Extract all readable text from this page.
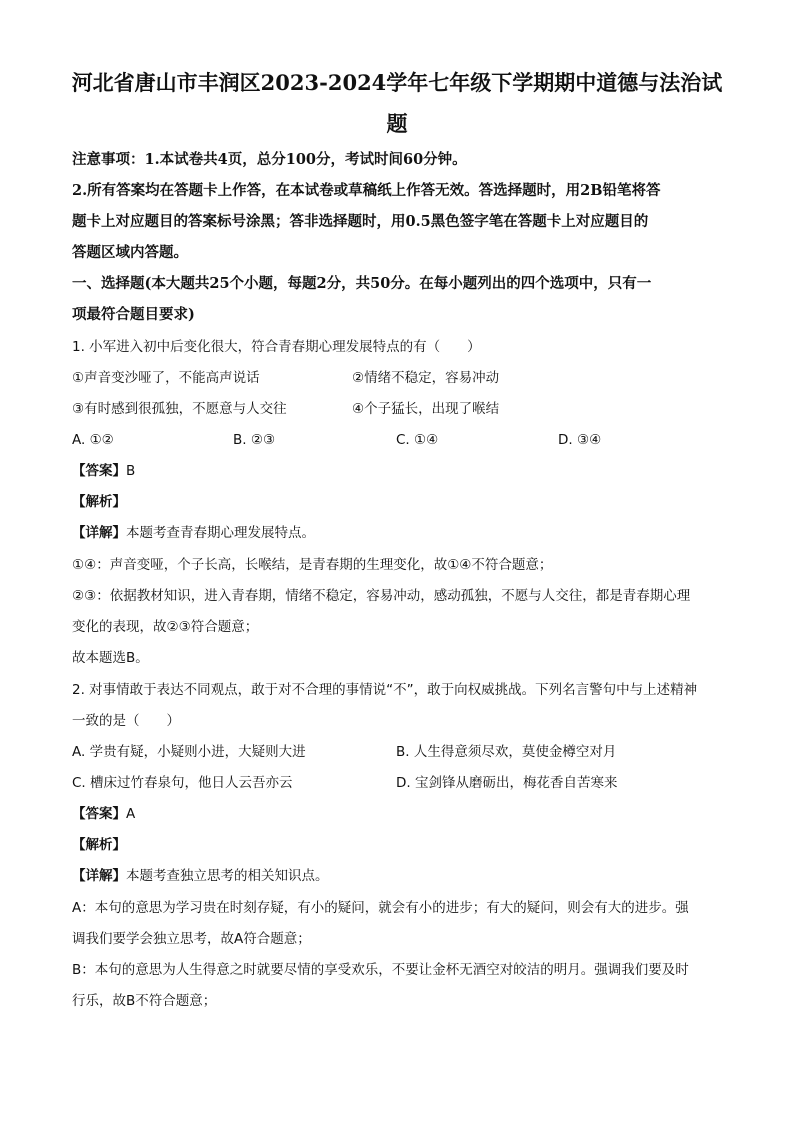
河北省唐山市丰润区2023-2024学年七年级下学期期中道德与法治试
题
注意事项：1.本试卷共4页，总分100分，考试时间60分钟。
2.所有答案均在答题卡上作答，在本试卷或草稿纸上作答无效。答选择题时，用2B铅笔将答
题卡上对应题目的答案标号涂黑；答非选择题时，用0.5黑色签字笔在答题卡上对应题目的
答题区域内答题。
一、选择题(本大题共25个小题，每题2分，共50分。在每小题列出的四个选项中，只有一
项最符合题目要求)
1. 小军进入初中后变化很大，符合青春期心理发展特点的有（　　）
①声音变沙哑了，不能高声说话	②情绪不稳定，容易冲动
③有时感到很孤独，不愿意与人交往	④个子猛长，出现了喉结
A. ①②	B. ②③	C. ①④	D. ③④
【答案】B
【解析】
【详解】本题考查青春期心理发展特点。
①④：声音变哑，个子长高，长喉结，是青春期的生理变化，故①④不符合题意；
②③：依据教材知识，进入青春期，情绪不稳定，容易冲动，感动孤独，不愿与人交往，都是青春期心理
变化的表现，故②③符合题意；
故本题选B。
2. 对事情敢于表达不同观点，敢于对不合理的事情说“不”，敢于向权威挑战。下列名言警句中与上述精神
一致的是（　　）
A. 学贵有疑，小疑则小进，大疑则大进	B. 人生得意须尽欢，莫使金樽空对月
C. 槽床过竹春泉句，他日人云吾亦云	D. 宝剑锋从磨砺出，梅花香自苦寒来
【答案】A
【解析】
【详解】本题考查独立思考的相关知识点。
A：本句的意思为学习贵在时刻存疑，有小的疑问，就会有小的进步；有大的疑问，则会有大的进步。强
调我们要学会独立思考，故A符合题意；
B：本句的意思为人生得意之时就要尽情的享受欢乐，不要让金杯无酒空对皎洁的明月。强调我们要及时
行乐，故B不符合题意；
